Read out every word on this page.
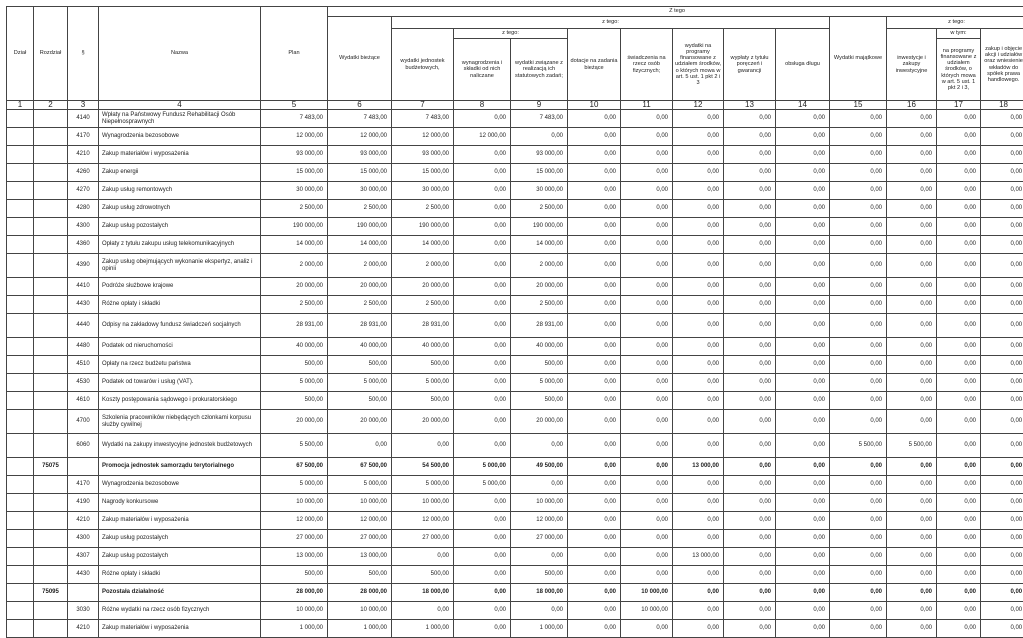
Dział	Rozdział	§	Nazwa	Plan	Z tego												
					Wydatki bieżące	z tego:								Wydatki majątkowe	z tego:		
						wydatki jednostek budżetowych,	z tego:		dotacje na zadania bieżące	świadczenia na rzecz osób fizycznych;	wydatki na programy finansowane z udziałem środków, o których mowa w art. 5 ust. 1 pkt 2 i 3	wypłaty z tytułu poręczeń i gwarancji	obsługa długu		inwestycje i zakupy inwestycyjne	w tym:	zakup i objęcie akcji i udziałów oraz wniesienie wkładów do spółek prawa handlowego.
							wynagrodzenia i składki od nich naliczane	wydatki związane z realizacją ich statutowych zadań;								na programy finansowane z udziałem środków, o których mowa w art. 5 ust. 1 pkt 2 i 3,	

1	2	3	4	5	6	7	8	9	10	11	12	13	14	15	16	17	18
		4140	Wpłaty na Państwowy Fundusz Rehabilitacji Osób Niepełnosprawnych	7 483,00	7 483,00	7 483,00	0,00	7 483,00	0,00	0,00	0,00	0,00	0,00	0,00	0,00	0,00	0,00
		4170	Wynagrodzenia bezosobowe	12 000,00	12 000,00	12 000,00	12 000,00	0,00	0,00	0,00	0,00	0,00	0,00	0,00	0,00	0,00	0,00
		4210	Zakup materiałów i wyposażenia	93 000,00	93 000,00	93 000,00	0,00	93 000,00	0,00	0,00	0,00	0,00	0,00	0,00	0,00	0,00	0,00
		4260	Zakup energii	15 000,00	15 000,00	15 000,00	0,00	15 000,00	0,00	0,00	0,00	0,00	0,00	0,00	0,00	0,00	0,00
		4270	Zakup usług remontowych	30 000,00	30 000,00	30 000,00	0,00	30 000,00	0,00	0,00	0,00	0,00	0,00	0,00	0,00	0,00	0,00
		4280	Zakup usług zdrowotnych	2 500,00	2 500,00	2 500,00	0,00	2 500,00	0,00	0,00	0,00	0,00	0,00	0,00	0,00	0,00	0,00
		4300	Zakup usług pozostałych	190 000,00	190 000,00	190 000,00	0,00	190 000,00	0,00	0,00	0,00	0,00	0,00	0,00	0,00	0,00	0,00
		4360	Opłaty z tytułu zakupu usług telekomunikacyjnych	14 000,00	14 000,00	14 000,00	0,00	14 000,00	0,00	0,00	0,00	0,00	0,00	0,00	0,00	0,00	0,00
		4390	Zakup usług obejmujących wykonanie ekspertyz, analiz i opinii	2 000,00	2 000,00	2 000,00	0,00	2 000,00	0,00	0,00	0,00	0,00	0,00	0,00	0,00	0,00	0,00
		4410	Podróże służbowe krajowe	20 000,00	20 000,00	20 000,00	0,00	20 000,00	0,00	0,00	0,00	0,00	0,00	0,00	0,00	0,00	0,00
		4430	Różne opłaty i składki	2 500,00	2 500,00	2 500,00	0,00	2 500,00	0,00	0,00	0,00	0,00	0,00	0,00	0,00	0,00	0,00
		4440	Odpisy na zakładowy fundusz świadczeń socjalnych	28 931,00	28 931,00	28 931,00	0,00	28 931,00	0,00	0,00	0,00	0,00	0,00	0,00	0,00	0,00	0,00
		4480	Podatek od nieruchomości	40 000,00	40 000,00	40 000,00	0,00	40 000,00	0,00	0,00	0,00	0,00	0,00	0,00	0,00	0,00	0,00
		4510	Opłaty na rzecz budżetu państwa	500,00	500,00	500,00	0,00	500,00	0,00	0,00	0,00	0,00	0,00	0,00	0,00	0,00	0,00
		4530	Podatek od towarów i usług (VAT).	5 000,00	5 000,00	5 000,00	0,00	5 000,00	0,00	0,00	0,00	0,00	0,00	0,00	0,00	0,00	0,00
		4610	Koszty postępowania sądowego i prokuratorskiego	500,00	500,00	500,00	0,00	500,00	0,00	0,00	0,00	0,00	0,00	0,00	0,00	0,00	0,00
		4700	Szkolenia pracowników niebędących członkami korpusu służby cywilnej	20 000,00	20 000,00	20 000,00	0,00	20 000,00	0,00	0,00	0,00	0,00	0,00	0,00	0,00	0,00	0,00
		6060	Wydatki na zakupy inwestycyjne jednostek budżetowych	5 500,00	0,00	0,00	0,00	0,00	0,00	0,00	0,00	0,00	0,00	5 500,00	5 500,00	0,00	0,00
	75075		Promocja jednostek samorządu terytorialnego	67 500,00	67 500,00	54 500,00	5 000,00	49 500,00	0,00	0,00	13 000,00	0,00	0,00	0,00	0,00	0,00	0,00
		4170	Wynagrodzenia bezosobowe	5 000,00	5 000,00	5 000,00	5 000,00	0,00	0,00	0,00	0,00	0,00	0,00	0,00	0,00	0,00	0,00
		4190	Nagrody konkursowe	10 000,00	10 000,00	10 000,00	0,00	10 000,00	0,00	0,00	0,00	0,00	0,00	0,00	0,00	0,00	0,00
		4210	Zakup materiałów i wyposażenia	12 000,00	12 000,00	12 000,00	0,00	12 000,00	0,00	0,00	0,00	0,00	0,00	0,00	0,00	0,00	0,00
		4300	Zakup usług pozostałych	27 000,00	27 000,00	27 000,00	0,00	27 000,00	0,00	0,00	0,00	0,00	0,00	0,00	0,00	0,00	0,00
		4307	Zakup usług pozostałych	13 000,00	13 000,00	0,00	0,00	0,00	0,00	0,00	13 000,00	0,00	0,00	0,00	0,00	0,00	0,00
		4430	Różne opłaty i składki	500,00	500,00	500,00	0,00	500,00	0,00	0,00	0,00	0,00	0,00	0,00	0,00	0,00	0,00
	75095		Pozostała działalność	28 000,00	28 000,00	18 000,00	0,00	18 000,00	0,00	10 000,00	0,00	0,00	0,00	0,00	0,00	0,00	0,00
		3030	Różne wydatki na rzecz osób fizycznych	10 000,00	10 000,00	0,00	0,00	0,00	0,00	10 000,00	0,00	0,00	0,00	0,00	0,00	0,00	0,00
		4210	Zakup materiałów i wyposażenia	1 000,00	1 000,00	1 000,00	0,00	1 000,00	0,00	0,00	0,00	0,00	0,00	0,00	0,00	0,00	0,00
